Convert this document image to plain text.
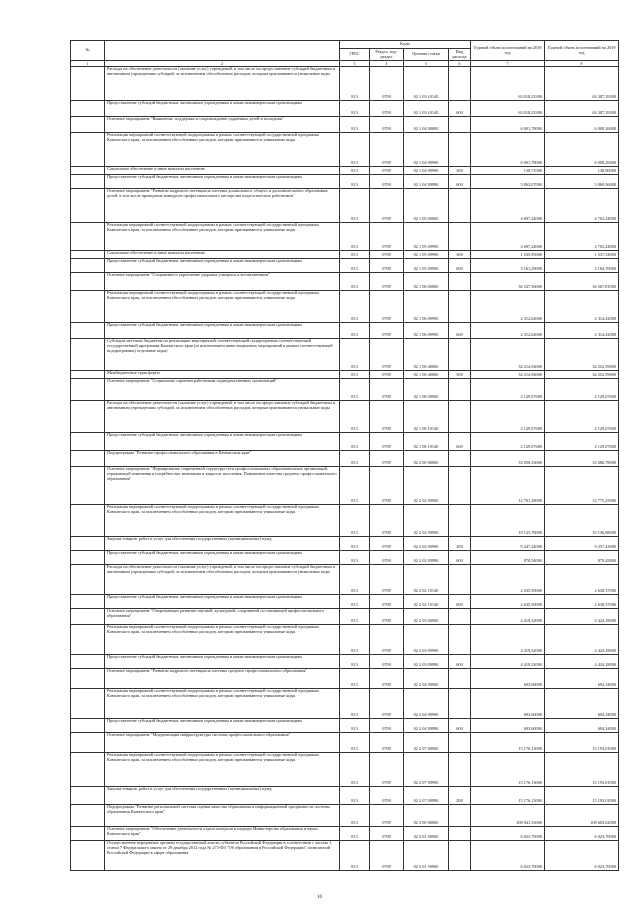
№		Коды				Годовой объем ассигнований на 2018 год	Годовой объем ассигнований на 2019 год
		ГРБС	Раздел, под-раздел	Целевая статья	Вид расхода		
1	2	3	4	5	6	7	8
	Расходы на обеспечение деятельности (оказание услуг) учреждений, в том числе на предоставление субсидий бюджетным и автономным учреждениям субсидий, за исключением обособленных расходов, которым присваиваются уникальные коды	813	0709	02 1 03 10140		63 018,23300	63 387,39300
	Предоставление субсидий бюджетным, автономным учреждениям и иным некоммерческим организациям	813	0709	02 1 03 10140	600	63 018,23300	63 387,39300
	Основное мероприятие "Выявление, поддержка и сопровождение одаренных детей и молодежи"	813	0709	02 1 04 00000		6 001,78000	6 008,26000
	Реализация мероприятий соответствующей подпрограммы в рамках соответствующей государственной программы Камчатского края, за исключением обособленных расходов, которым присваиваются уникальные коды	813	0709	02 1 04 09990		6 001,78000	6 008,26000
	Социальное обеспечение и иные выплаты населению	813	0709	02 1 04 09990	300	138,71000	138,90000
	Предоставление субсидий бюджетным, автономным учреждениям и иным некоммерческим организациям	813	0709	02 1 04 09990	600	5 863,07000	5 869,36000
	Основное мероприятие "Развитие кадрового потенциала системы дошкольного, общего и дополнительного образования детей, в том числе проведение конкурсов профессионального мастерства педагогических работников"	813	0709	02 1 05 00000		4 697,24000	4 702,24000
	Реализация мероприятий соответствующей подпрограммы в рамках соответствующей государственной программы Камчатского края, за исключением обособленных расходов, которым присваиваются уникальные коды	813	0709	02 1 05 09990		4 697,24000	4 702,24000
	Социальное обеспечение и иные выплаты населению	813	0709	02 1 05 09990	300	1 535,95000	1 537,54000
	Предоставление субсидий бюджетным, автономным учреждениям и иным некоммерческим организациям	813	0709	02 1 05 09990	600	3 161,29000	3 164,70000
	Основное мероприятие "Сохранение и укрепление здоровья учащихся и воспитанников"	813	0709	02 1 06 00000		36 527,56000	36 567,01000
	Реализация мероприятий соответствующей подпрограммы в рамках соответствующей государственной программы Камчатского края, за исключением обособленных расходов, которым присваиваются уникальные коды	813	0709	02 1 06 09990		2 312,62000	2 314,42000
	Предоставление субсидий бюджетным, автономным учреждениям и иным некоммерческим организациям	813	0709	02 1 06 09990	600	2 312,62000	2 314,42000
	Субсидии местным бюджетам на реализацию мероприятий соответствующей подпрограммы соответствующей государственной программы Камчатского края (за исключением инвестиционных мероприятий в рамках соответствующей подпрограммы) отдельные коды)	813	0709	02 1 06 40060		34 214,94000	34 252,59000
	Межбюджетные трансферты	813	0709	02 1 06 40060	500	34 214,94000	34 252,59000
	Основное мероприятие "Социальные гарантии работникам подведомственных организаций"	813	0709	02 1 08 00000		2 129,07600	2 129,07600
	Расходы на обеспечение деятельности (оказание услуг) учреждений, в том числе на предоставление субсидий бюджетным и автономным учреждениям субсидий, за исключением обособленных расходов, которым присваиваются уникальные коды	813	0709	02 1 08 10140		2 129,07600	2 129,07600
	Предоставление субсидий бюджетным, автономным учреждениям и иным некоммерческим организациям	813	0709	02 1 08 10140	600	2 129,07600	2 129,07600
	Подпрограмма "Развитие профессионального образования в Камчатском крае"	813	0709	02 2 00 00000		33 050,33000	33 086,78000
	Основное мероприятие "Формирование современной структуры сети профессиональных образовательных организаций, отражающей изменения в потребностях экономики и запросах населения. Повышение качества среднего профессионального образования"	813	0709	02 2 02 00000		12 761,28000	12 775,25000
	Реализация мероприятий соответствующей подпрограммы в рамках соответствующей государственной программы Камчатского края, за исключением обособленных расходов, которым присваиваются уникальные коды	813	0709	02 2 02 09990		10 125,78000	10 136,88000
	Закупка товаров, работ и услуг для обеспечения государственных (муниципальных) нужд	813	0709	02 2 02 09990	200	9 247,24000	9 257,43000
	Предоставление субсидий бюджетным, автономным учреждениям и иным некоммерческим организациям	813	0709	02 2 02 09990	600	878,54000	879,45000
	Расходы на обеспечение деятельности (оказание услуг) учреждений, в том числе на предоставление субсидий бюджетным и автономным учреждениям субсидий, за исключением обособленных расходов, которым присваиваются уникальные коды	813	0709	02 2 02 10140		2 635,50000	2 638,37000
	Предоставление субсидий бюджетным, автономным учреждениям и иным некоммерческим организациям	813	0709	02 2 02 10140	600	2 635,50000	2 638,37000
	Основное мероприятие "Опережающее развитие научной, культурной, спортивной составляющей профессионального образования"	813	0709	02 2 03 00000		4 419,32000	4 424,18000
	Реализация мероприятий соответствующей подпрограммы в рамках соответствующей государственной программы Камчатского края, за исключением обособленных расходов, которым присваиваются уникальные коды	813	0709	02 2 03 09990		4 419,32000	4 424,18000
	Предоставление субсидий бюджетным, автономным учреждениям и иным некоммерческим организациям	813	0709	02 2 03 09990	600	4 419,32000	4 424,18000
	Основное мероприятие "Развитие кадрового потенциала системы среднего профессионального образования"	813	0709	02 2 04 00000		693,60000	694,34000
	Реализация мероприятий соответствующей подпрограммы в рамках соответствующей государственной программы Камчатского края, за исключением обособленных расходов, которым присваиваются уникальные коды	813	0709	02 2 04 09990		693,60000	694,34000
	Предоставление субсидий бюджетным, автономным учреждениям и иным некоммерческим организациям	813	0709	02 2 04 09990	600	693,60000	694,34000
	Основное мероприятие "Модернизация инфраструктуры системы профессионального образования"	813	0709	02 2 07 00000		15 176,13000	15 193,01000
	Реализация мероприятий соответствующей подпрограммы в рамках соответствующей государственной программы Камчатского края, за исключением обособленных расходов, которым присваиваются уникальные коды	813	0709	02 2 07 09990		15 176,13000	15 193,01000
	Закупка товаров, работ и услуг для обеспечения государственных (муниципальных) нужд	813	0709	02 2 07 09990	200	15 176,13000	15 193,01000
	Подпрограмма "Развитие региональной системы оценки качества образования и информационной прозрачности системы образования Камчатского края"	813	0709	02 3 00 00000		108 041,33000	108 603,62000
	Основное мероприятие "Обеспечение деятельности отдела контроля и надзора Министерства образования и науки Камчатского края"	813	0709	02 3 01 00000		6 023,70000	6 023,70000
	Осуществление переданных органам государственной власти субъектов Российской Федерации в соответствии с частью 1 статьи 7 Федерального закона от 29 декабря 2012 года № 273-ФЗ "Об образовании в Российской Федерации" полномочий Российской Федерации в сфере образования	813	0709	02 3 01 59900		6 023,70000	6 023,70000
16
